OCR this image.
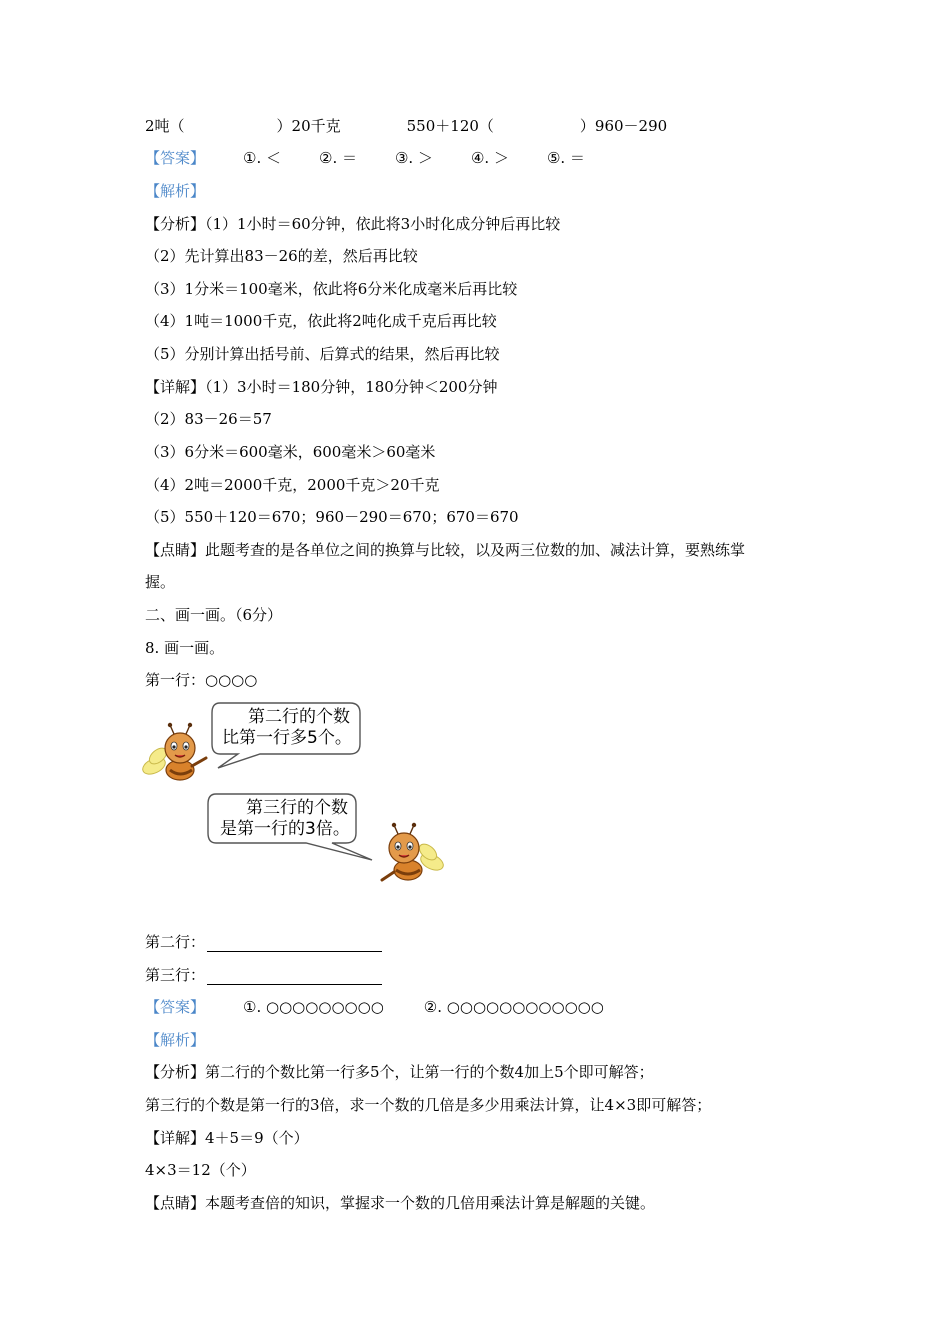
2吨（	）20千克	550＋120（	）960－290
【答案】	①. ＜	②. ＝	③. ＞	④. ＞	⑤. ＝
【解析】
【分析】（1）1小时＝60分钟，依此将3小时化成分钟后再比较
（2）先计算出83－26的差，然后再比较
（3）1分米＝100毫米，依此将6分米化成毫米后再比较
（4）1吨＝1000千克，依此将2吨化成千克后再比较
（5）分别计算出括号前、后算式的结果，然后再比较
【详解】（1）3小时＝180分钟，180分钟＜200分钟
（2）83－26＝57
（3）6分米＝600毫米，600毫米＞60毫米
（4）2吨＝2000千克，2000千克＞20千克
（5）550＋120＝670；960－290＝670；670＝670
【点睛】此题考查的是各单位之间的换算与比较，以及两三位数的加、减法计算，要熟练掌
握。
二、画一画。（6分）
8. 画一画。
第一行：○○○○
第二行的个数
比第一行多5个。
第三行的个数
是第一行的3倍。
第二行：
第三行：
【答案】	①. ○○○○○○○○○	②. ○○○○○○○○○○○○
【解析】
【分析】第二行的个数比第一行多5个，让第一行的个数4加上5个即可解答；
第三行的个数是第一行的3倍，求一个数的几倍是多少用乘法计算，让4×3即可解答；
【详解】4＋5＝9（个）
4×3＝12（个）
【点睛】本题考查倍的知识，掌握求一个数的几倍用乘法计算是解题的关键。
